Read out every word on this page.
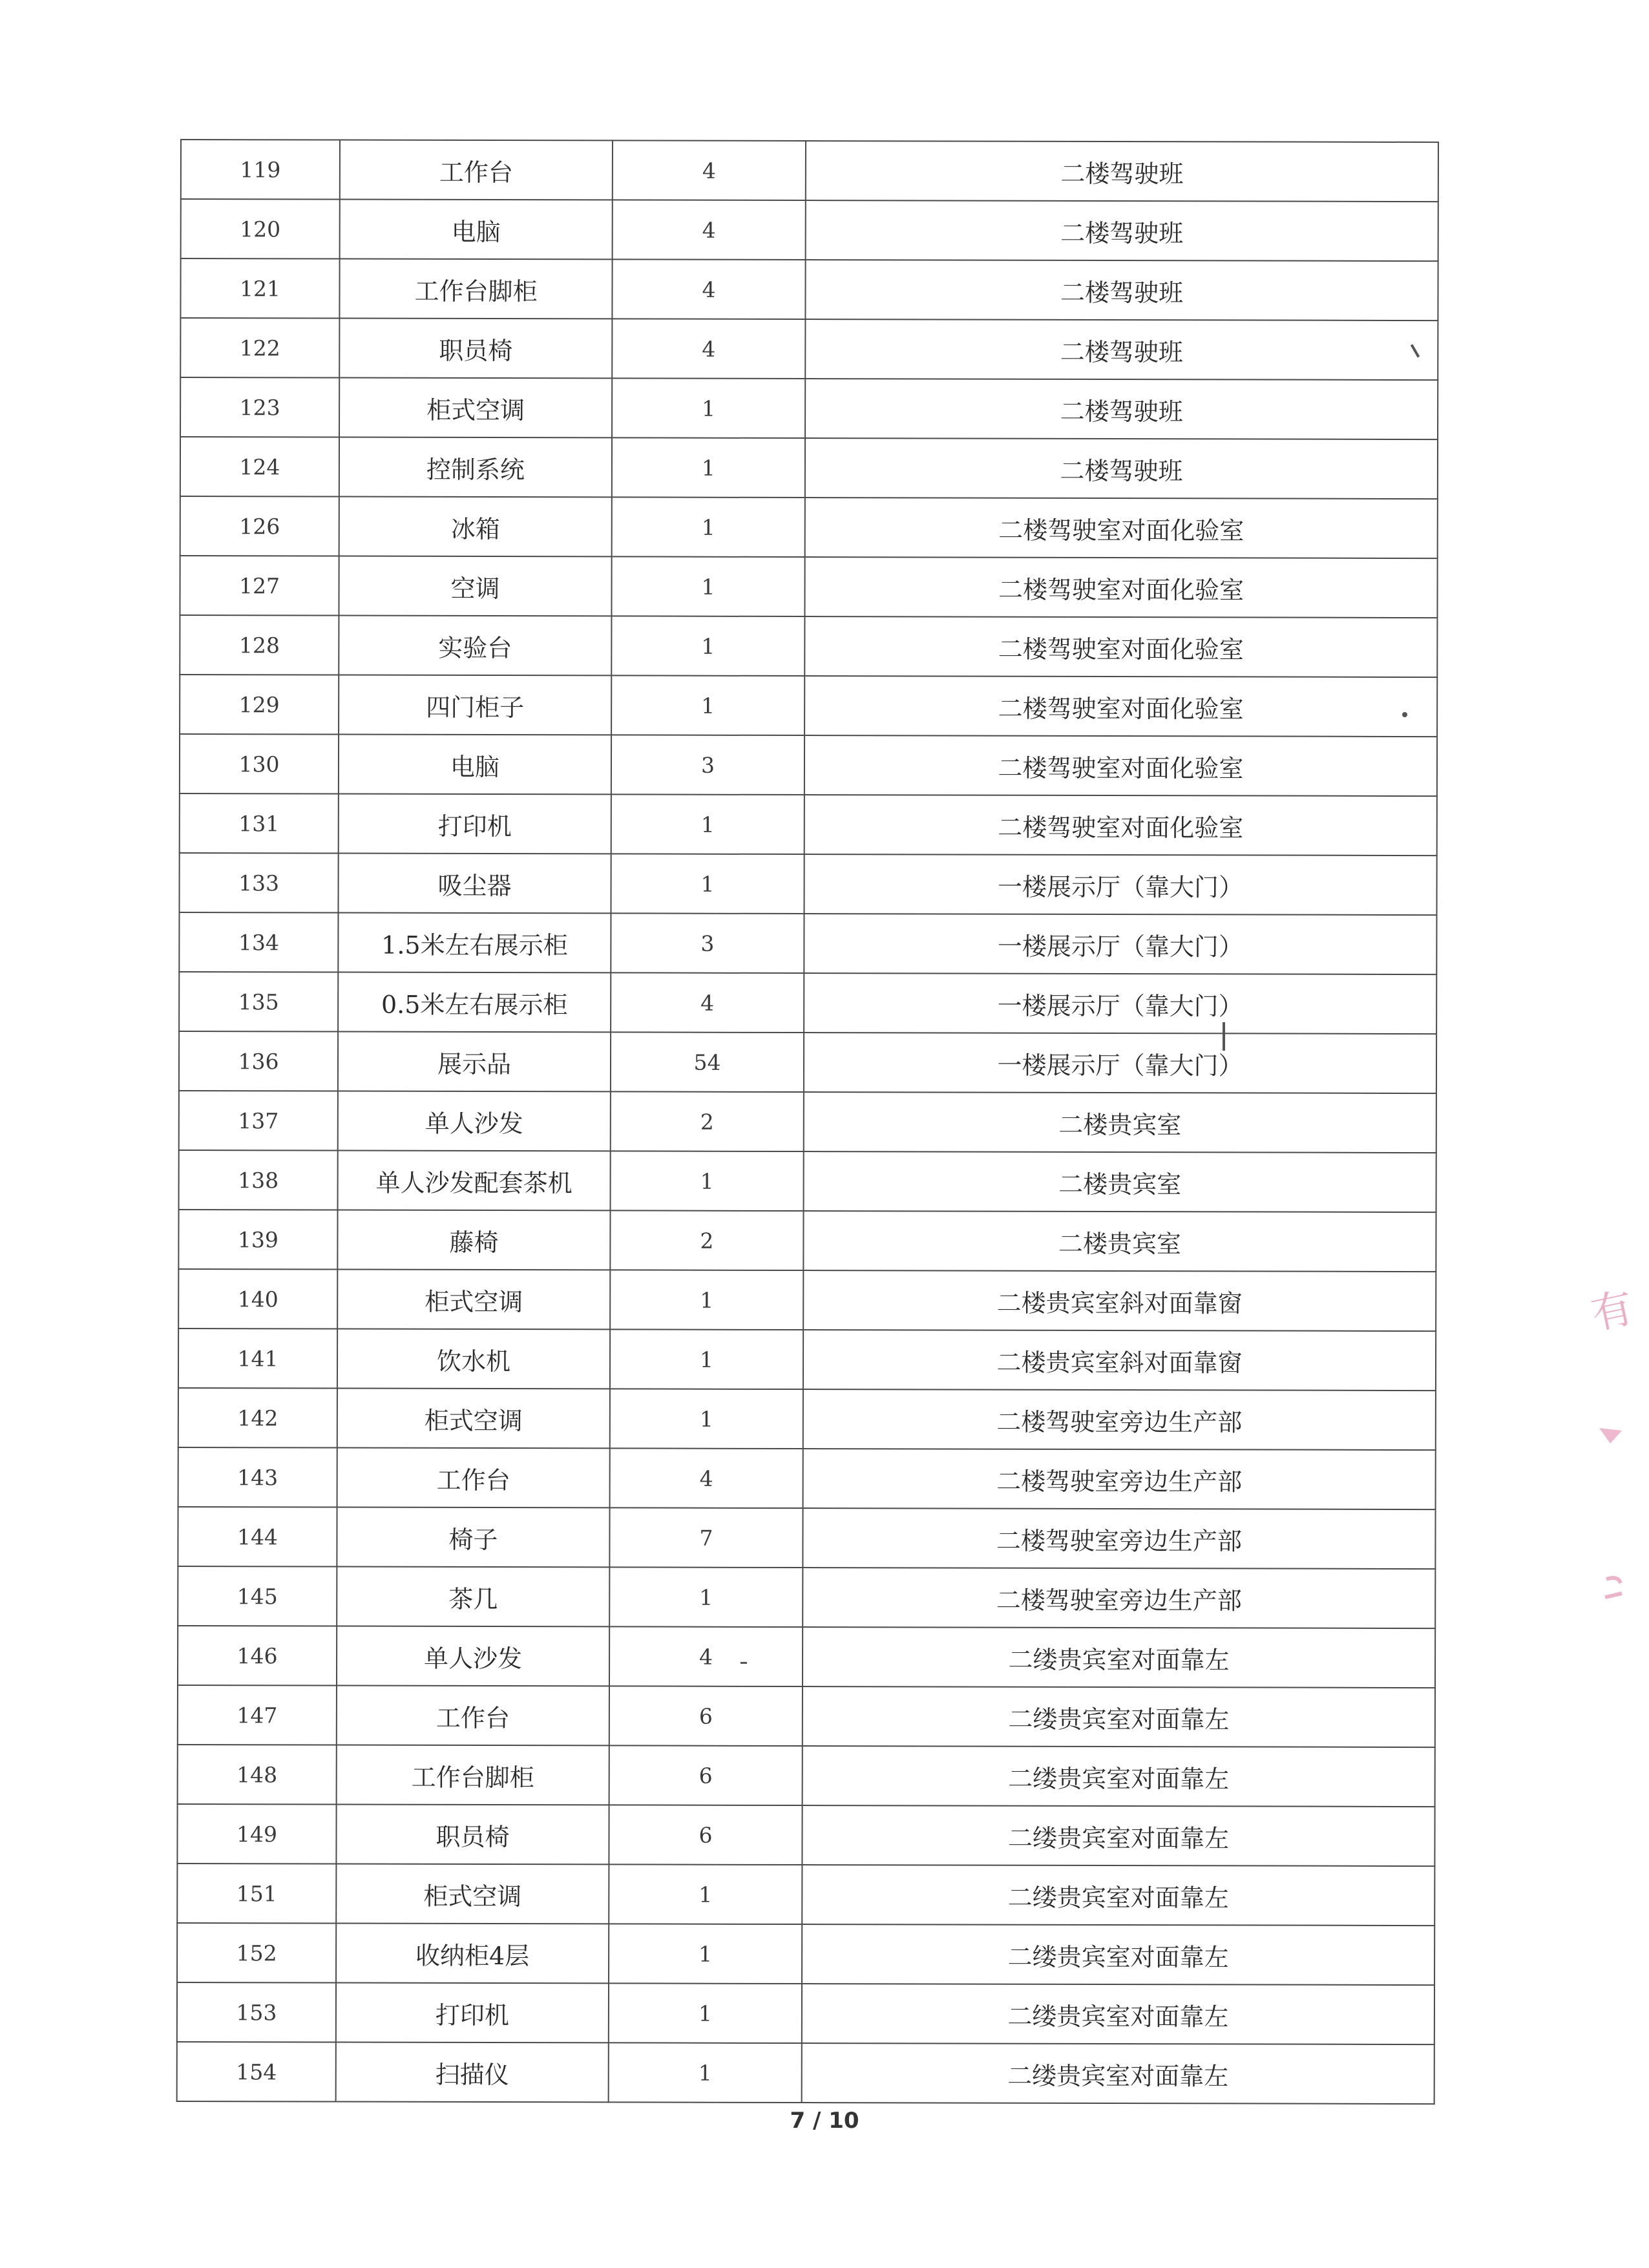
119	工作台	4	二楼驾驶班
120	电脑	4	二楼驾驶班
121	工作台脚柜	4	二楼驾驶班
122	职员椅	4	二楼驾驶班
123	柜式空调	1	二楼驾驶班
124	控制系统	1	二楼驾驶班
126	冰箱	1	二楼驾驶室对面化验室
127	空调	1	二楼驾驶室对面化验室
128	实验台	1	二楼驾驶室对面化验室
129	四门柜子	1	二楼驾驶室对面化验室
130	电脑	3	二楼驾驶室对面化验室
131	打印机	1	二楼驾驶室对面化验室
133	吸尘器	1	一楼展示厅（靠大门）
134	1.5米左右展示柜	3	一楼展示厅（靠大门）
135	0.5米左右展示柜	4	一楼展示厅（靠大门）
136	展示品	54	一楼展示厅（靠大门）
137	单人沙发	2	二楼贵宾室
138	单人沙发配套茶机	1	二楼贵宾室
139	藤椅	2	二楼贵宾室
140	柜式空调	1	二楼贵宾室斜对面靠窗
141	饮水机	1	二楼贵宾室斜对面靠窗
142	柜式空调	1	二楼驾驶室旁边生产部
143	工作台	4	二楼驾驶室旁边生产部
144	椅子	7	二楼驾驶室旁边生产部
145	茶几	1	二楼驾驶室旁边生产部
146	单人沙发	4	二缕贵宾室对面靠左
147	工作台	6	二缕贵宾室对面靠左
148	工作台脚柜	6	二缕贵宾室对面靠左
149	职员椅	6	二缕贵宾室对面靠左
151	柜式空调	1	二缕贵宾室对面靠左
152	收纳柜4层	1	二缕贵宾室对面靠左
153	打印机	1	二缕贵宾室对面靠左
154	扫描仪	1	二缕贵宾室对面靠左
7 / 10
有
